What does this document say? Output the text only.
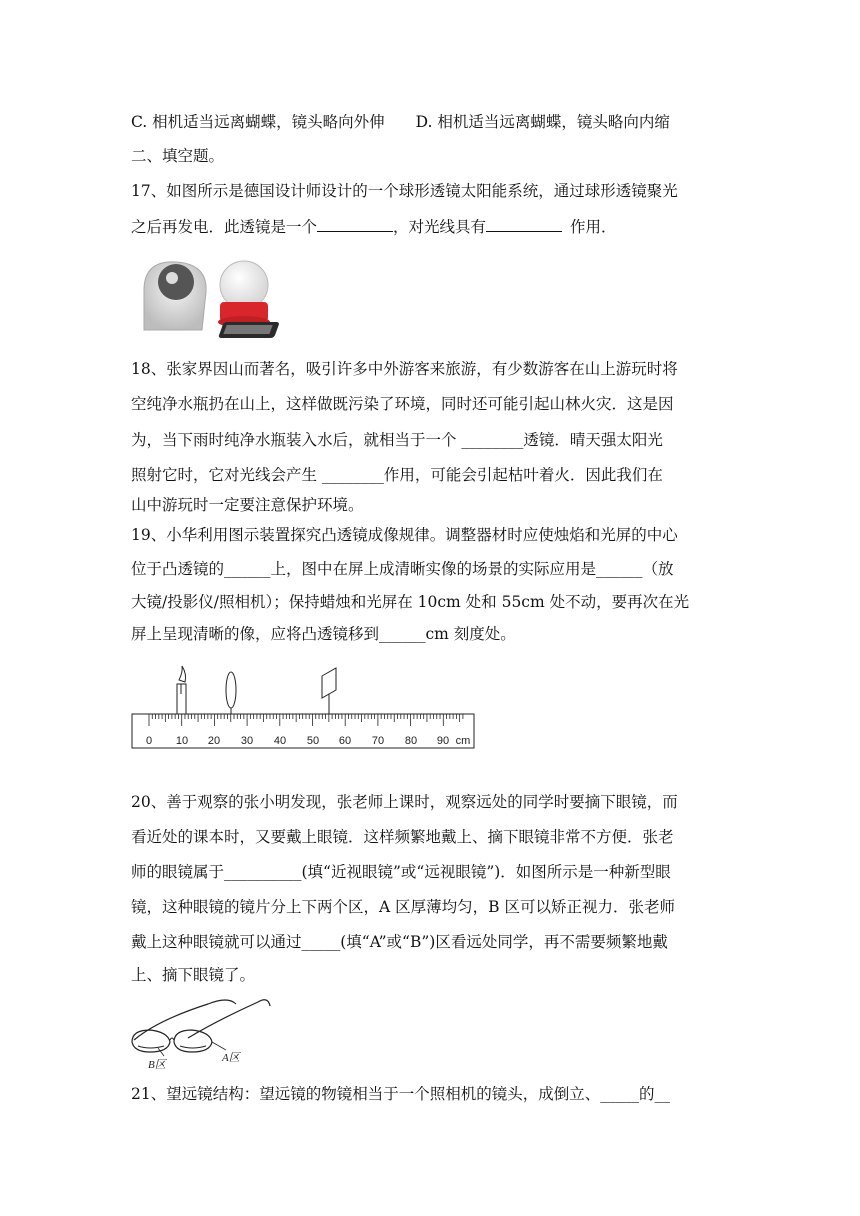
C. 相机适当远离蝴蝶，镜头略向外伸　　D. 相机适当远离蝴蝶，镜头略向内缩
二、填空题。
17、如图所示是德国设计师设计的一个球形透镜太阳能系统，通过球形透镜聚光
之后再发电．此透镜是一个	，对光线具有	作用．
18、张家界因山而著名，吸引许多中外游客来旅游，有少数游客在山上游玩时将
空纯净水瓶扔在山上，这样做既污染了环境，同时还可能引起山林火灾．这是因
为，当下雨时纯净水瓶装入水后，就相当于一个 ________透镜．晴天强太阳光
照射它时，它对光线会产生 ________作用，可能会引起枯叶着火．因此我们在
山中游玩时一定要注意保护环境。
19、小华利用图示装置探究凸透镜成像规律。调整器材时应使烛焰和光屏的中心
位于凸透镜的______上，图中在屏上成清晰实像的场景的实际应用是______（放
大镜/投影仪/照相机）；保持蜡烛和光屏在 10cm 处和 55cm 处不动，要再次在光
屏上呈现清晰的像，应将凸透镜移到______cm 刻度处。
0 10 20 30 40 50 60 70 80 90 cm
20、善于观察的张小明发现，张老师上课时，观察远处的同学时要摘下眼镜，而
看近处的课本时，又要戴上眼镜．这样频繁地戴上、摘下眼镜非常不方便．张老
师的眼镜属于__________(填“近视眼镜”或“远视眼镜”)．如图所示是一种新型眼
镜，这种眼镜的镜片分上下两个区，A 区厚薄均匀，B 区可以矫正视力．张老师
戴上这种眼镜就可以通过_____(填“A”或“B”)区看远处同学，再不需要频繁地戴
上、摘下眼镜了。
B区
A区
21、望远镜结构：望远镜的物镜相当于一个照相机的镜头，成倒立、_____的__
